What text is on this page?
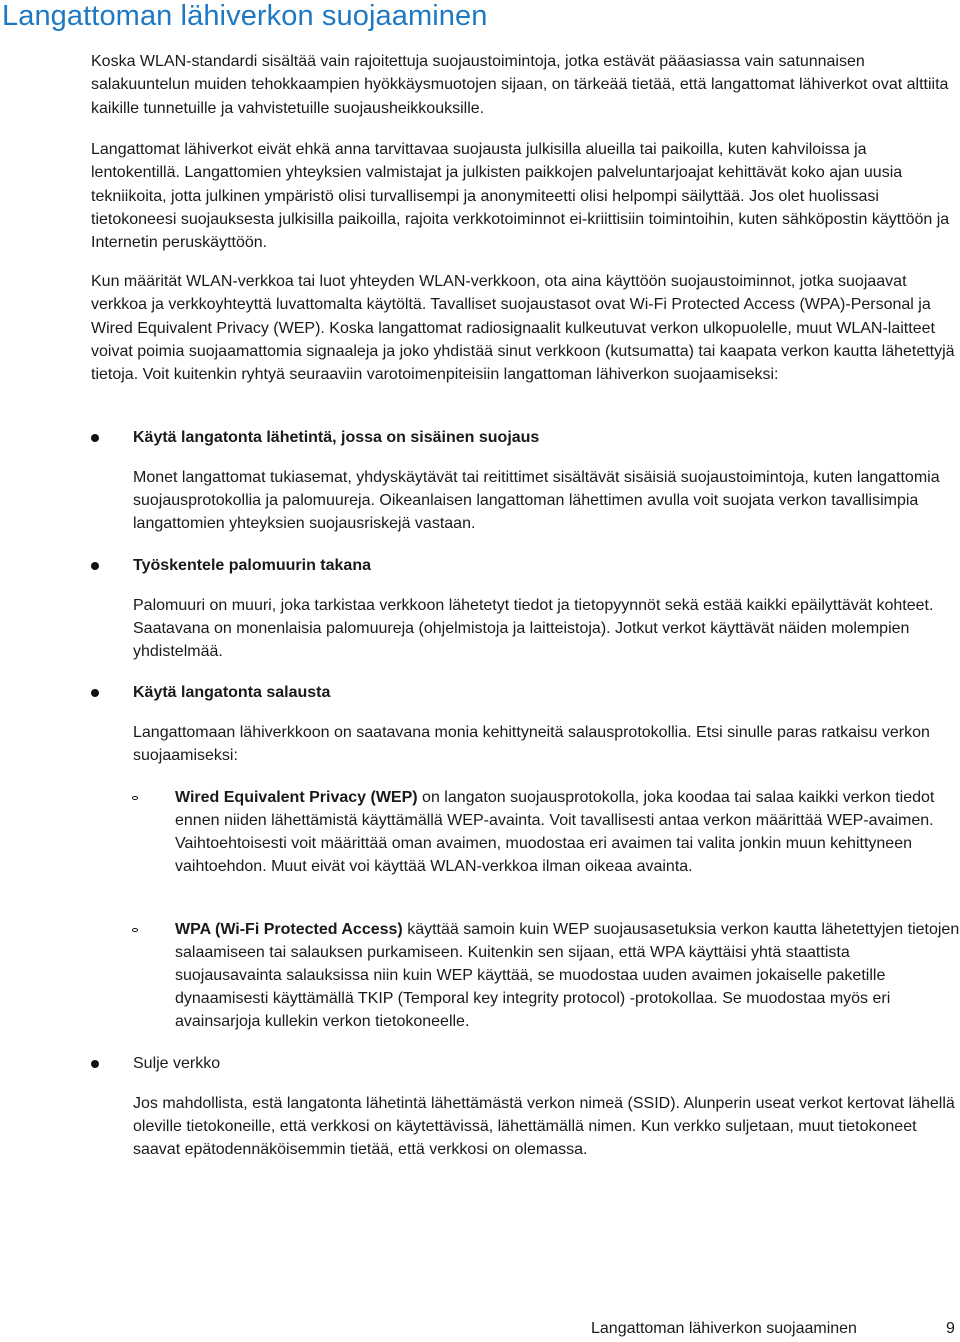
Langattoman lähiverkon suojaaminen

Koska WLAN-standardi sisältää vain rajoitettuja suojaustoimintoja, jotka estävät pääasiassa vain satunnaisen salakuuntelun muiden tehokkaampien hyökkäysmuotojen sijaan, on tärkeää tietää, että langattomat lähiverkot ovat alttiita kaikille tunnetuille ja vahvistetuille suojausheikkouksille.

Langattomat lähiverkot eivät ehkä anna tarvittavaa suojausta julkisilla alueilla tai paikoilla, kuten kahviloissa ja lentokentillä. Langattomien yhteyksien valmistajat ja julkisten paikkojen palveluntarjoajat kehittävät koko ajan uusia tekniikoita, jotta julkinen ympäristö olisi turvallisempi ja anonymiteetti olisi helpompi säilyttää. Jos olet huolissasi tietokoneesi suojauksesta julkisilla paikoilla, rajoita verkkotoiminnot ei-kriittisiin toimintoihin, kuten sähköpostin käyttöön ja Internetin peruskäyttöön.

Kun määrität WLAN-verkkoa tai luot yhteyden WLAN-verkkoon, ota aina käyttöön suojaustoiminnot, jotka suojaavat verkkoa ja verkkoyhteyttä luvattomalta käytöltä. Tavalliset suojaustasot ovat Wi-Fi Protected Access (WPA)-Personal ja Wired Equivalent Privacy (WEP). Koska langattomat radiosignaalit kulkeutuvat verkon ulkopuolelle, muut WLAN-laitteet voivat poimia suojaamattomia signaaleja ja joko yhdistää sinut verkkoon (kutsumatta) tai kaapata verkon kautta lähetettyjä tietoja. Voit kuitenkin ryhtyä seuraaviin varotoimenpiteisiin langattoman lähiverkon suojaamiseksi:

Käytä langatonta lähetintä, jossa on sisäinen suojaus

Monet langattomat tukiasemat, yhdyskäytävät tai reitittimet sisältävät sisäisiä suojaustoimintoja, kuten langattomia suojausprotokollia ja palomuureja. Oikeanlaisen langattoman lähettimen avulla voit suojata verkon tavallisimpia langattomien yhteyksien suojausriskejä vastaan.

Työskentele palomuurin takana

Palomuuri on muuri, joka tarkistaa verkkoon lähetetyt tiedot ja tietopyynnöt sekä estää kaikki epäilyttävät kohteet. Saatavana on monenlaisia palomuureja (ohjelmistoja ja laitteistoja). Jotkut verkot käyttävät näiden molempien yhdistelmää.

Käytä langatonta salausta

Langattomaan lähiverkkoon on saatavana monia kehittyneitä salausprotokollia. Etsi sinulle paras ratkaisu verkon suojaamiseksi:

Wired Equivalent Privacy (WEP) on langaton suojausprotokolla, joka koodaa tai salaa kaikki verkon tiedot ennen niiden lähettämistä käyttämällä WEP-avainta. Voit tavallisesti antaa verkon määrittää WEP-avaimen. Vaihtoehtoisesti voit määrittää oman avaimen, muodostaa eri avaimen tai valita jonkin muun kehittyneen vaihtoehdon. Muut eivät voi käyttää WLAN-verkkoa ilman oikeaa avainta.

WPA (Wi-Fi Protected Access) käyttää samoin kuin WEP suojausasetuksia verkon kautta lähetettyjen tietojen salaamiseen tai salauksen purkamiseen. Kuitenkin sen sijaan, että WPA käyttäisi yhtä staattista suojausavainta salauksissa niin kuin WEP käyttää, se muodostaa uuden avaimen jokaiselle paketille dynaamisesti käyttämällä TKIP (Temporal key integrity protocol) -protokollaa. Se muodostaa myös eri avainsarjoja kullekin verkon tietokoneelle.

Sulje verkko

Jos mahdollista, estä langatonta lähetintä lähettämästä verkon nimeä (SSID). Alunperin useat verkot kertovat lähellä oleville tietokoneille, että verkkosi on käytettävissä, lähettämällä nimen. Kun verkko suljetaan, muut tietokoneet saavat epätodennäköisemmin tietää, että verkkosi on olemassa.

Langattoman lähiverkon suojaaminen	9
